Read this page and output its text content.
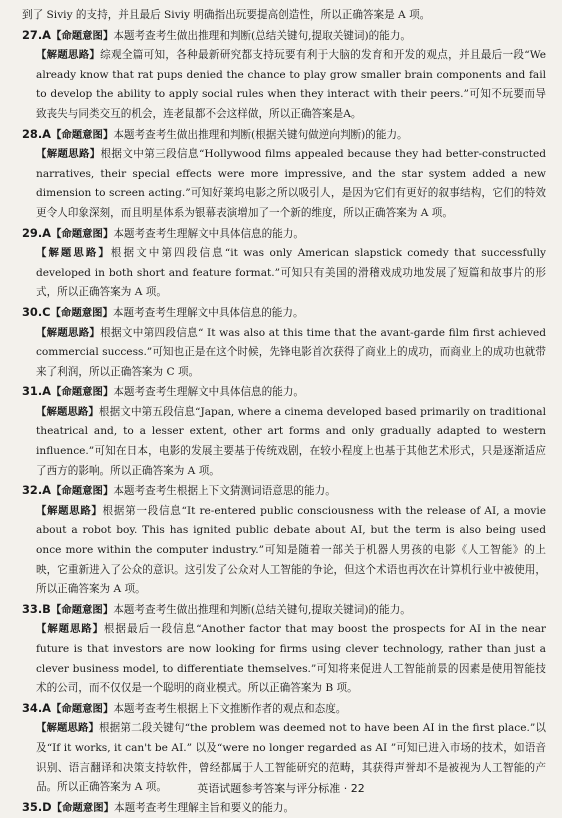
到了 Siviy 的支持，并且最后 Siviy 明确指出玩要提高创造性，所以正确答案是 A 项。

27.A【命题意图】本题考查考生做出推理和判断(总结关键句,提取关键词)的能力。

【解题思路】综观全篇可知，各种最新研究都支持玩要有利于大脑的发育和开发的观点，并且最后一段“We already know that rat pups denied the chance to play grow smaller brain components and fail to develop the ability to apply social rules when they interact with their peers.”可知不玩要而导致丧失与同类交互的机会，连老鼠都不会这样做，所以正确答案是A。

28.A【命题意图】本题考查考生做出推理和判断(根据关键句做逆向判断)的能力。

【解题思路】根据文中第三段信息“Hollywood films appealed because they had better-constructed narratives, their special effects were more impressive, and the star system added a new dimension to screen acting.”可知好莱坞电影之所以吸引人，是因为它们有更好的叙事结构，它们的特效更令人印象深刻，而且明星体系为银幕表演增加了一个新的维度，所以正确答案为 A 项。

29.A【命题意图】本题考查考生理解文中具体信息的能力。

【解题思路】根据文中第四段信息“it was only American slapstick comedy that successfully developed in both short and feature format.”可知只有美国的滑稽戏成功地发展了短篇和故事片的形式，所以正确答案为 A 项。

30.C【命题意图】本题考查考生理解文中具体信息的能力。

【解题思路】根据文中第四段信息“ It was also at this time that the avant-garde film first achieved commercial success.”可知也正是在这个时候，先锋电影首次获得了商业上的成功，而商业上的成功也就带来了利润，所以正确答案为 C 项。

31.A【命题意图】本题考查考生理解文中具体信息的能力。

【解题思路】根据文中第五段信息“Japan, where a cinema developed based primarily on traditional theatrical and, to a lesser extent, other art forms and only gradually adapted to western influence.”可知在日本，电影的发展主要基于传统戏剧，在较小程度上也基于其他艺术形式，只是逐渐适应了西方的影响。所以正确答案为 A 项。

32.A【命题意图】本题考查考生根据上下文猜测词语意思的能力。

【解题思路】根据第一段信息“It re-entered public consciousness with the release of AI, a movie about a robot boy. This has ignited public debate about AI, but the term is also being used once more within the computer industry.”可知是随着一部关于机器人男孩的电影《人工智能》的上映，它重新进入了公众的意识。这引发了公众对人工智能的争论，但这个术语也再次在计算机行业中被使用，所以正确答案为 A 项。

33.B【命题意图】本题考查考生做出推理和判断(总结关键句,提取关键词)的能力。

【解题思路】根据最后一段信息“Another factor that may boost the prospects for AI in the near future is that investors are now looking for firms using clever technology, rather than just a clever business model, to differentiate themselves.”可知将来促进人工智能前景的因素是使用智能技术的公司，而不仅仅是一个聪明的商业模式。所以正确答案为 B 项。

34.A【命题意图】本题考查考生根据上下文推断作者的观点和态度。

【解题思路】根据第二段关键句“the problem was deemed not to have been AI in the first place.”以及“If it works, it can't be AI.” 以及“were no longer regarded as AI ”可知已进入市场的技术，如语音识别、语言翻译和决策支持软件，曾经都属于人工智能研究的范畴，其获得声誉却不是被视为人工智能的产品。所以正确答案为 A 项。

35.D【命题意图】本题考查考生理解主旨和要义的能力。

英语试题参考答案与评分标准 · 22
